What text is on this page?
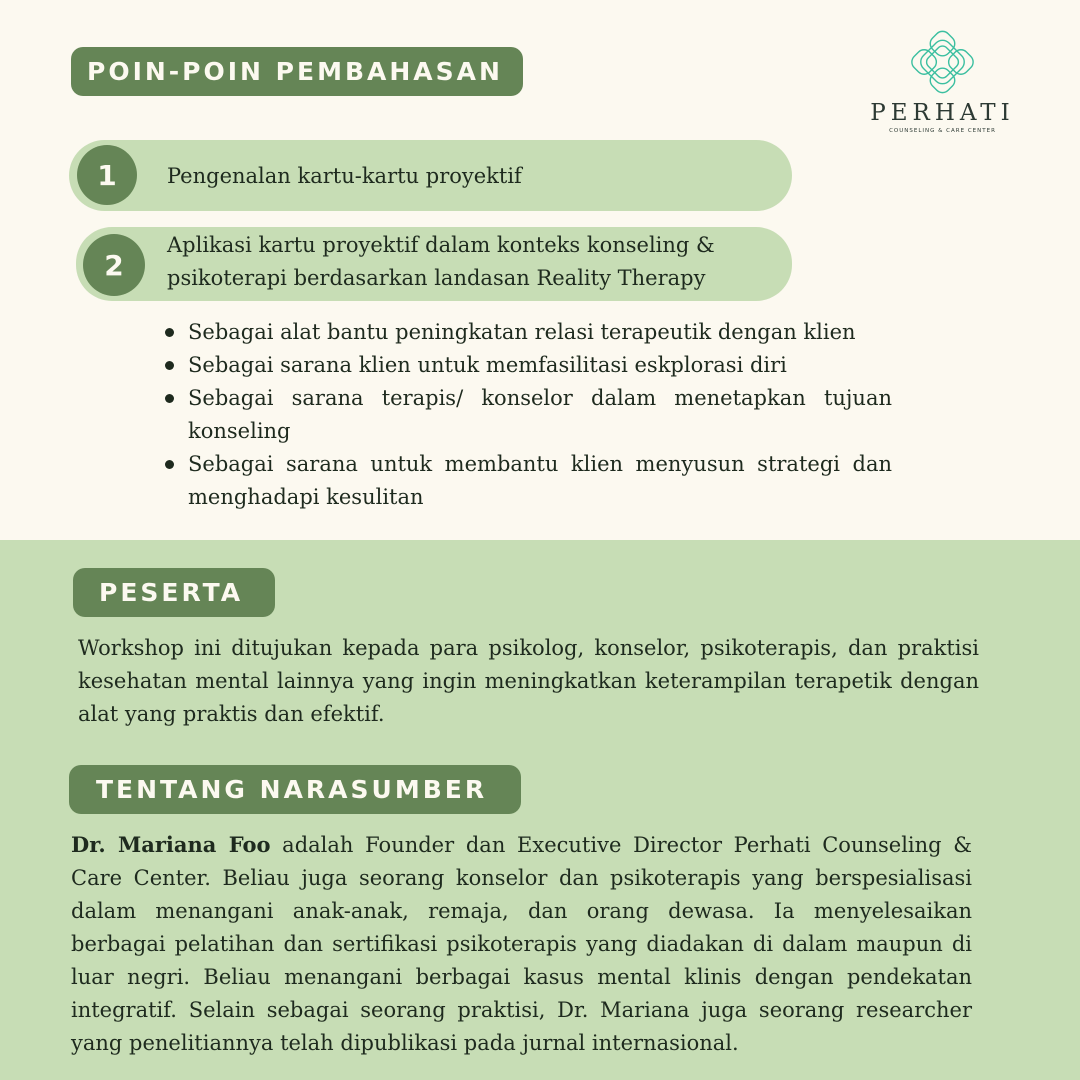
POIN-POIN PEMBAHASAN
PERHATI
COUNSELING & CARE CENTER
1	Pengenalan kartu-kartu proyektif
2
Aplikasi kartu proyektif dalam konteks konseling & psikoterapi berdasarkan landasan Reality Therapy
Sebagai alat bantu peningkatan relasi terapeutik dengan klien
Sebagai sarana klien untuk memfasilitasi eskplorasi diri
Sebagai sarana terapis/ konselor dalam menetapkan tujuan konseling
Sebagai sarana untuk membantu klien menyusun strategi dan menghadapi kesulitan
PESERTA
Workshop ini ditujukan kepada para psikolog, konselor, psikoterapis, dan praktisi kesehatan mental lainnya yang ingin meningkatkan keterampilan terapetik dengan alat yang praktis dan efektif.
TENTANG NARASUMBER
Dr. Mariana Foo adalah Founder dan Executive Director Perhati Counseling & Care Center. Beliau juga seorang konselor dan psikoterapis yang berspesialisasi dalam menangani anak-anak, remaja, dan orang dewasa. Ia menyelesaikan berbagai pelatihan dan sertifikasi psikoterapis yang diadakan di dalam maupun di luar negri. Beliau menangani berbagai kasus mental klinis dengan pendekatan integratif. Selain sebagai seorang praktisi, Dr. Mariana juga seorang researcher yang penelitiannya telah dipublikasi pada jurnal internasional.
